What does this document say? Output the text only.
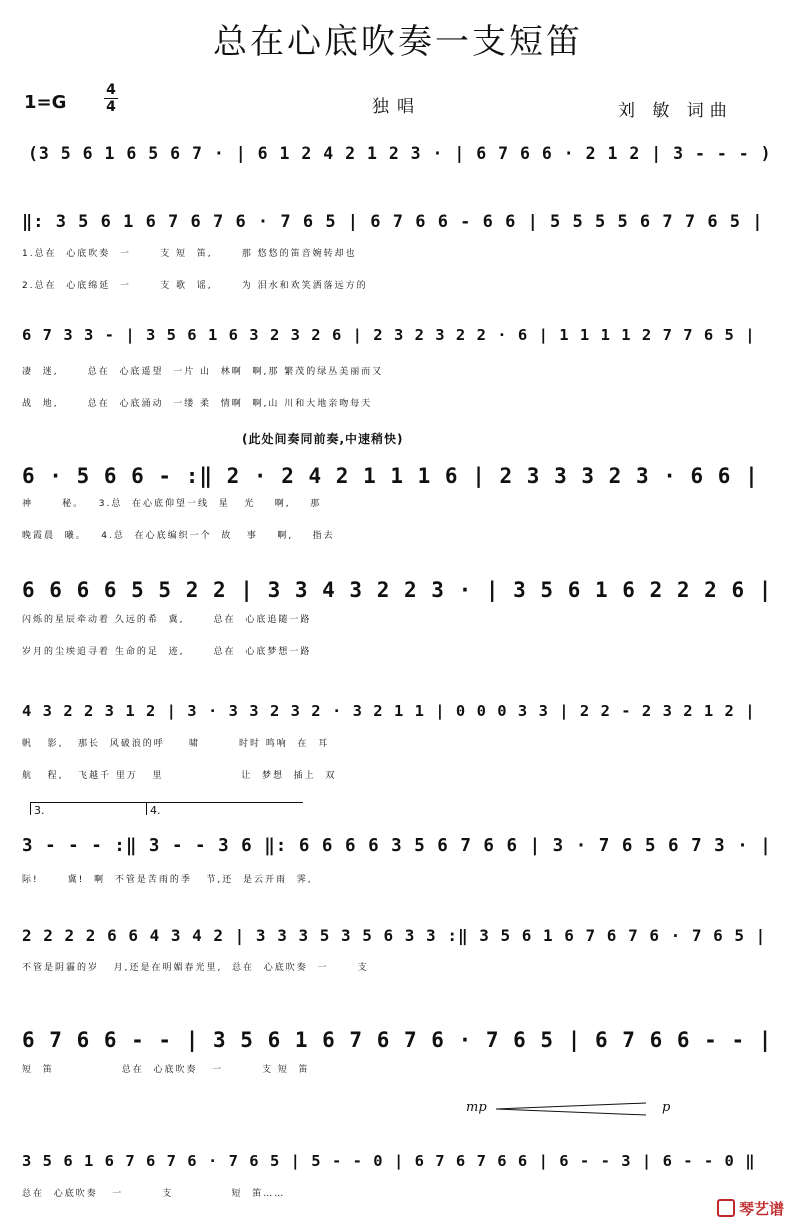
总在心底吹奏一支短笛
1=G
4
4	独唱	刘 敏 词曲
(3 5 6 1 6 5 6 7 · | 6 1 2 4 2 1 2 3 · | 6 7 6 6 · 2 1 2 | 3 - - - )
‖: 3 5 6 1 6 7 6 7 6 · 7 6 5 | 6 7 6 6 - 6 6 | 5 5 5 5 6 7 7 6 5 |
1.总在  心底吹奏  一      支 短  笛,      那 悠悠的笛音婉转却也
2.总在  心底绵延  一      支 歌  谣,      为 泪水和欢笑洒落远方的
6 7 3 3 - | 3 5 6 1 6 3 2 3 2 6 | 2 3 2 3 2 2 · 6 | 1 1 1 1 2 7 7 6 5 |
凄  迷,      总在  心底遥望  一片 山  林啊  啊,那 繁茂的绿丛美丽而又
战  地,      总在  心底涌动  一缕 柔  情啊  啊,山 川和大地亲吻每天
(此处间奏同前奏,中速稍快)
6 · 5 6 6 - :‖ 2 · 2 4 2 1 1 1 6 | 2 3 3 3 2 3 · 6 6 |
神      秘。   3.总  在心底仰望一线  星   光    啊,    那
晚霞晨  曦。   4.总  在心底编织一个  故   事    啊,    指去
6 6 6 6 5 5 2 2 | 3 3 4 3 2 2 3 · | 3 5 6 1 6 2 2 2 6 |
闪烁的星辰牵动着 久远的希  冀,      总在  心底追随一路
岁月的尘埃追寻着 生命的足  迹,      总在  心底梦想一路
4 3 2 2 3 1 2 | 3 · 3 3 2 3 2 · 3 2 1 1 | 0 0 0 3 3 | 2 2 - 2 3 2 1 2 |
帆   影,   那长  风破浪的呼     啸        时时 鸣响  在  耳
航   程,   飞越千 里万   里                让  梦想  插上  双
3.	4.
3 - - - :‖ 3 - - 3 6 ‖: 6 6 6 6 3 5 6 7 6 6 | 3 · 7 6 5 6 7 3 · |
际!      冀!  啊  不管是苦雨的季   节,还  是云开雨  霁,
2 2 2 2 6 6 4 3 4 2 | 3 3 3 5 3 5 6 3 3 :‖ 3 5 6 1 6 7 6 7 6 · 7 6 5 |
不管是阴霾的岁   月,还是在明媚春光里,  总在  心底吹奏  一      支
6 7 6 6 - - | 3 5 6 1 6 7 6 7 6 · 7 6 5 | 6 7 6 6 - - |
短  笛              总在  心底吹奏   一        支 短  笛
mp	p
3 5 6 1 6 7 6 7 6 · 7 6 5 | 5 - - 0 | 6 7 6 7 6 6 | 6 - - 3 | 6 - - 0 ‖
总在  心底吹奏   一        支            短  笛……
琴艺谱
